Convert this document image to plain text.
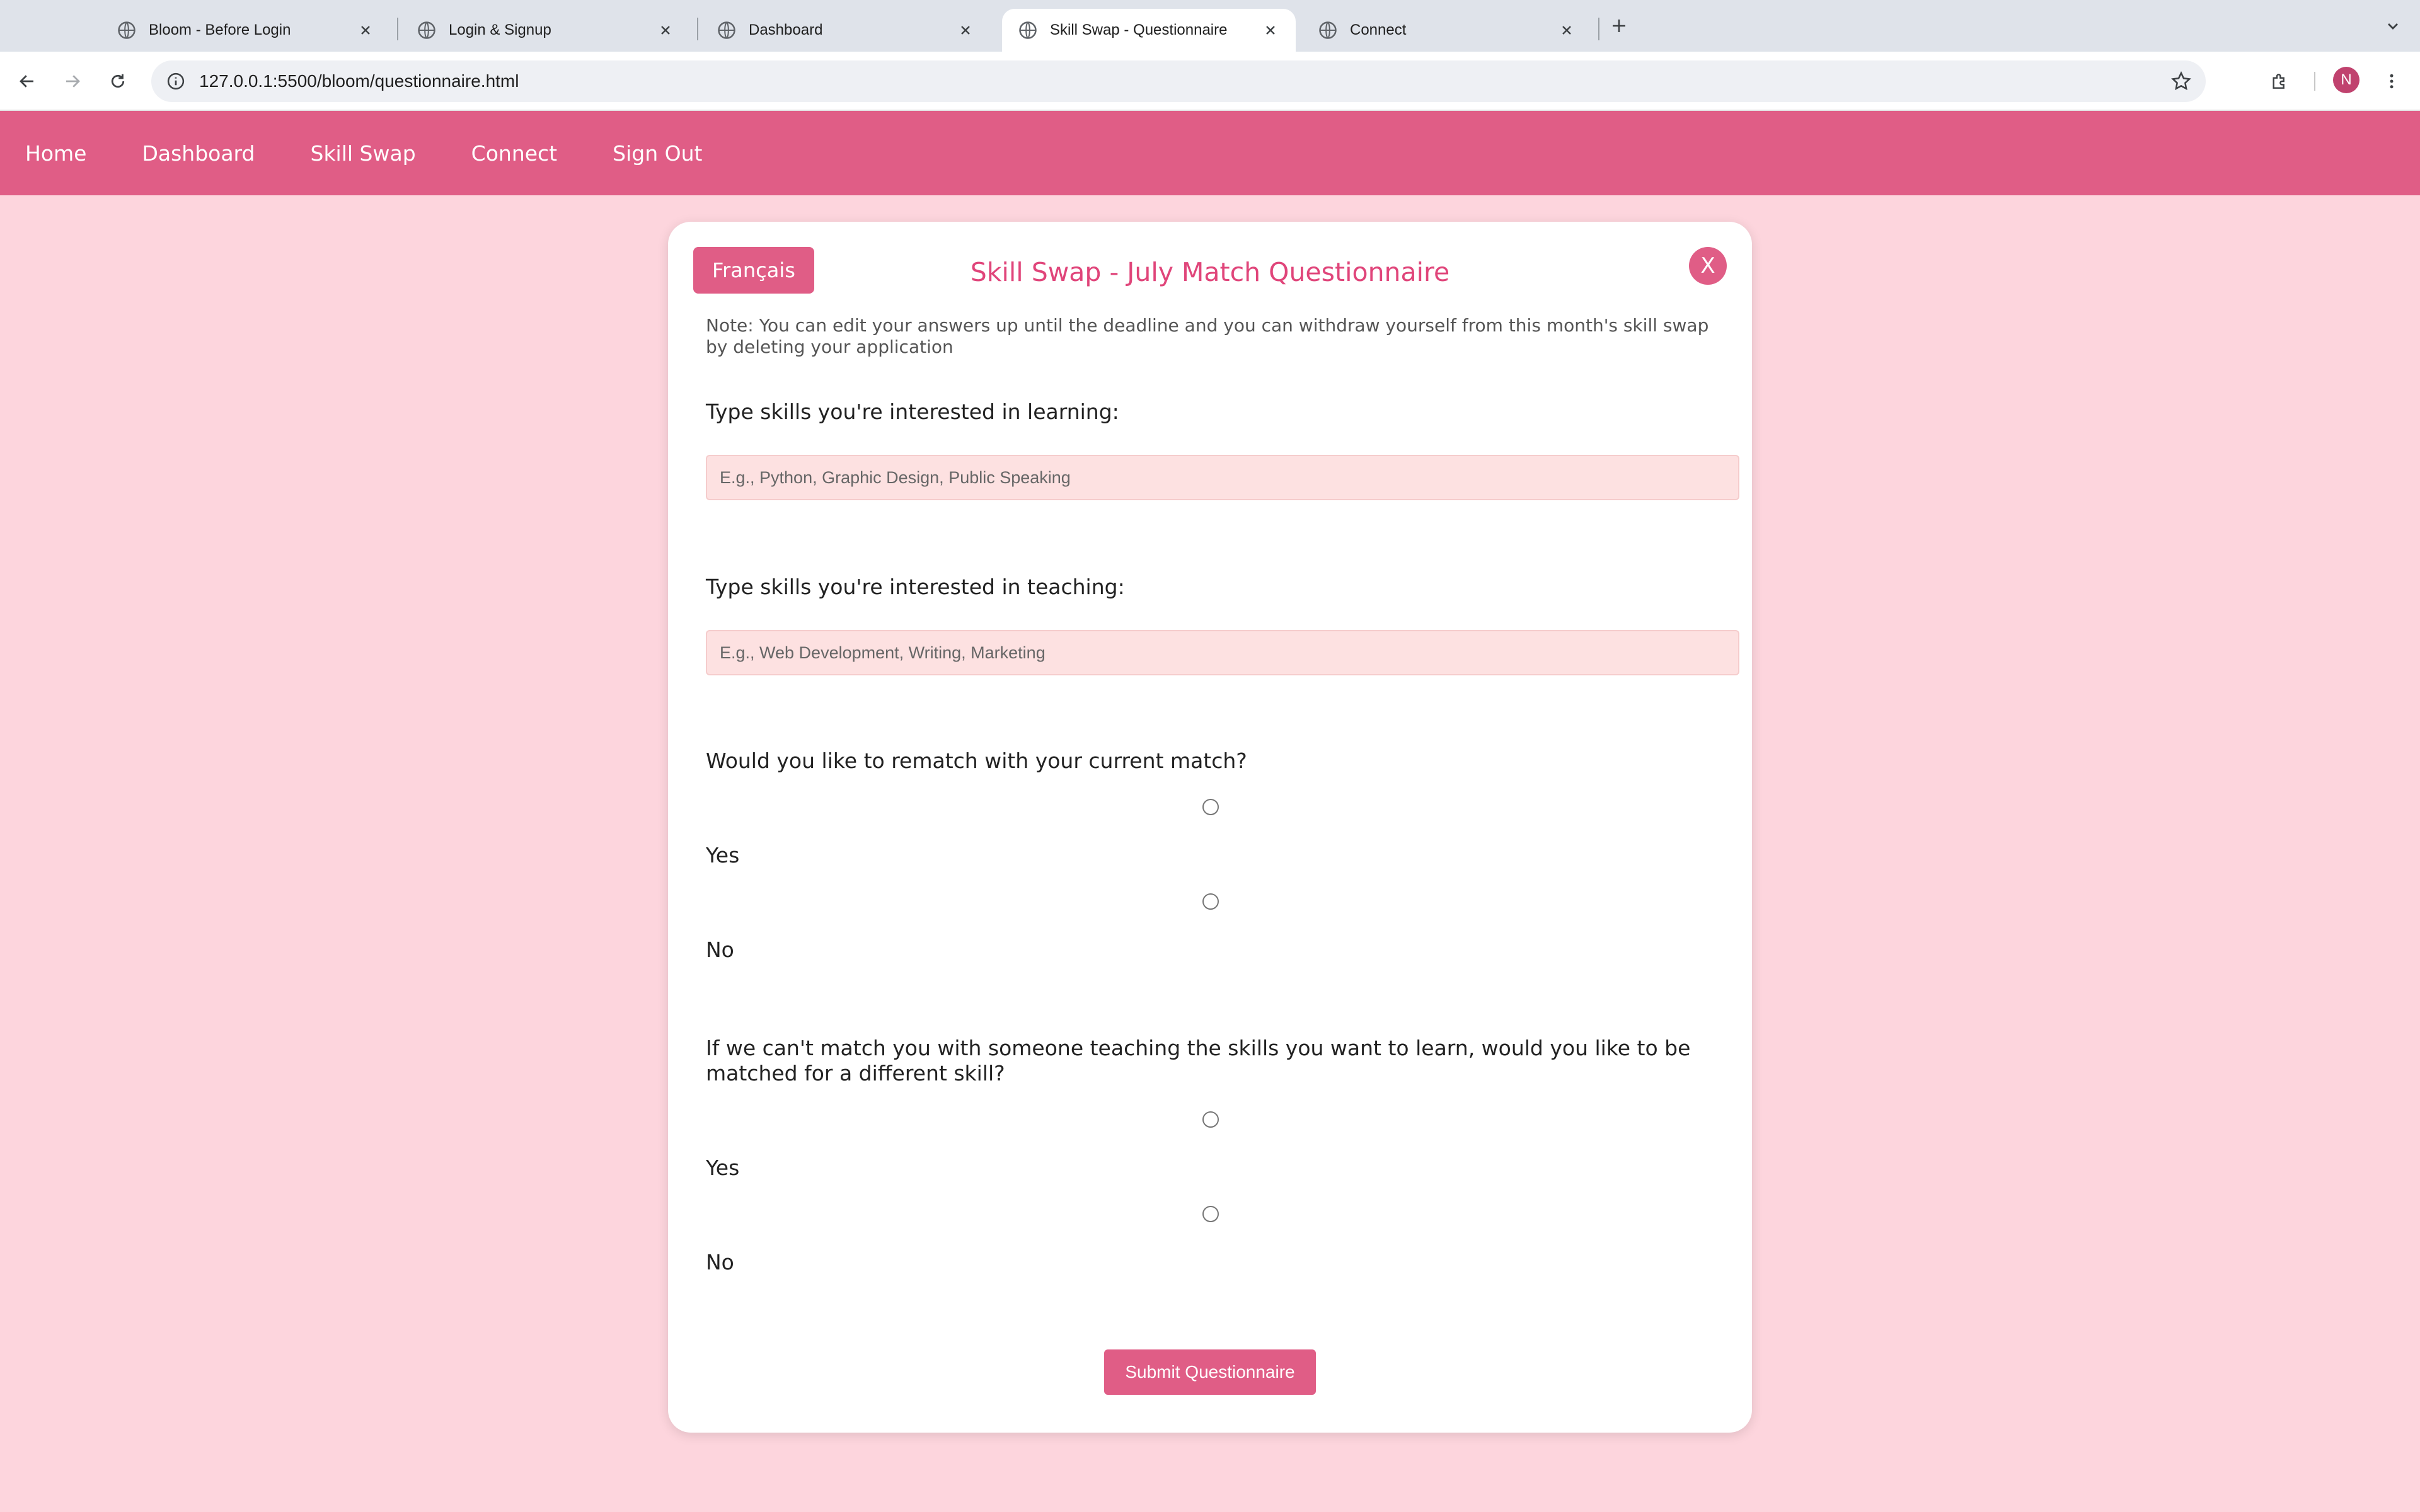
Bloom - Before Login	Login & Signup	Dashboard	Skill Swap - Questionnaire	Connect
127.0.0.1:5500/bloom/questionnaire.html	N
Home	Dashboard	Skill Swap	Connect	Sign Out
Français	Skill Swap - July Match Questionnaire	X

Note: You can edit your answers up until the deadline and you can withdraw yourself from this month's skill swap by deleting your application

Type skills you're interested in learning:
E.g., Python, Graphic Design, Public Speaking
Type skills you're interested in teaching:
E.g., Web Development, Writing, Marketing
Would you like to rematch with your current match?
Yes
No
If we can't match you with someone teaching the skills you want to learn, would you like to be matched for a different skill?
Yes
No
Submit Questionnaire
